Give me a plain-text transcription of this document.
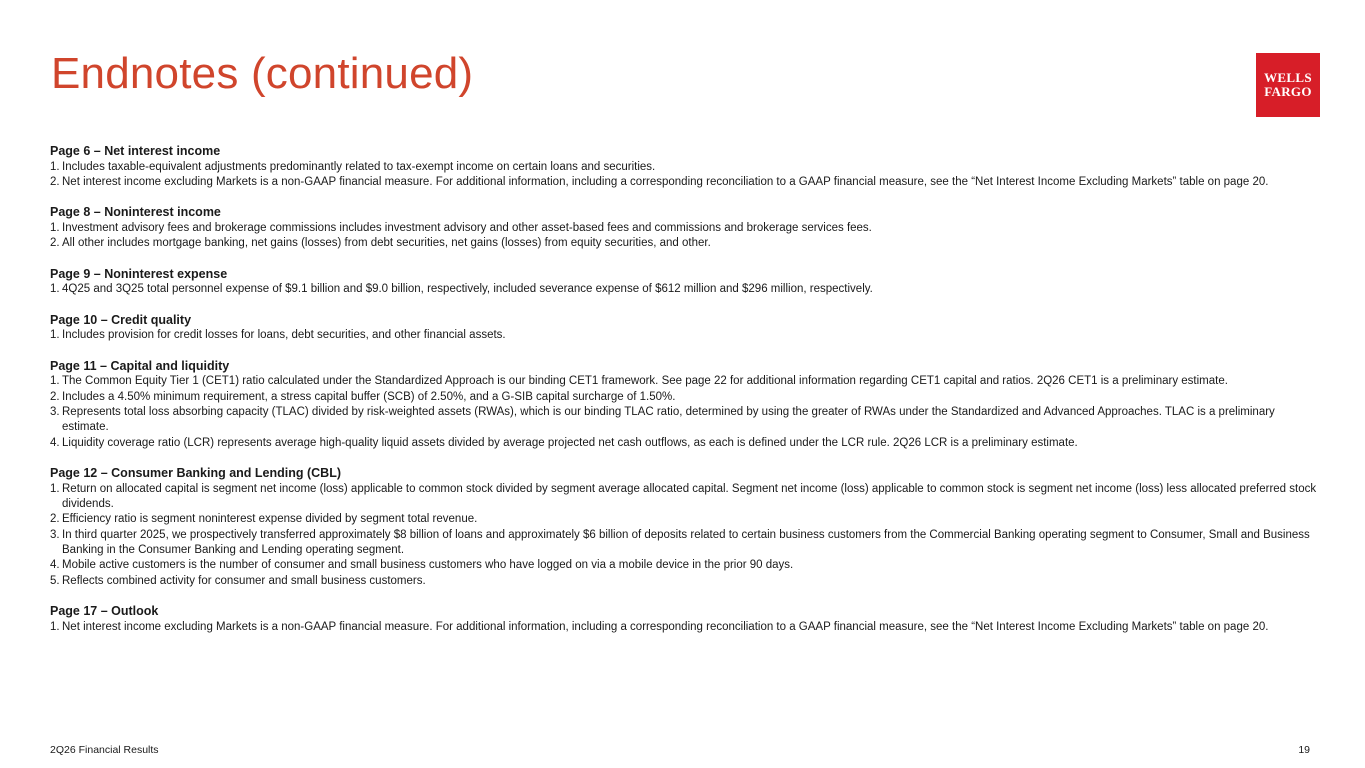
Endnotes (continued)	WELLS
FARGO
Page 6 – Net interest income
1. Includes taxable-equivalent adjustments predominantly related to tax-exempt income on certain loans and securities.
2. Net interest income excluding Markets is a non-GAAP financial measure. For additional information, including a corresponding reconciliation to a GAAP financial measure, see the “Net Interest Income Excluding Markets” table on page 20.
Page 8 – Noninterest income
1. Investment advisory fees and brokerage commissions includes investment advisory and other asset-based fees and commissions and brokerage services fees.
2. All other includes mortgage banking, net gains (losses) from debt securities, net gains (losses) from equity securities, and other.
Page 9 – Noninterest expense
1. 4Q25 and 3Q25 total personnel expense of $9.1 billion and $9.0 billion, respectively, included severance expense of $612 million and $296 million, respectively.
Page 10 – Credit quality
1. Includes provision for credit losses for loans, debt securities, and other financial assets.
Page 11 – Capital and liquidity
1. The Common Equity Tier 1 (CET1) ratio calculated under the Standardized Approach is our binding CET1 framework. See page 22 for additional information regarding CET1 capital and ratios. 2Q26 CET1 is a preliminary estimate.
2. Includes a 4.50% minimum requirement, a stress capital buffer (SCB) of 2.50%, and a G-SIB capital surcharge of 1.50%.
3. Represents total loss absorbing capacity (TLAC) divided by risk-weighted assets (RWAs), which is our binding TLAC ratio, determined by using the greater of RWAs under the Standardized and Advanced Approaches. TLAC is a preliminary estimate.
4. Liquidity coverage ratio (LCR) represents average high-quality liquid assets divided by average projected net cash outflows, as each is defined under the LCR rule. 2Q26 LCR is a preliminary estimate.
Page 12 – Consumer Banking and Lending (CBL)
1. Return on allocated capital is segment net income (loss) applicable to common stock divided by segment average allocated capital. Segment net income (loss) applicable to common stock is segment net income (loss) less allocated preferred stock dividends.
2. Efficiency ratio is segment noninterest expense divided by segment total revenue.
3. In third quarter 2025, we prospectively transferred approximately $8 billion of loans and approximately $6 billion of deposits related to certain business customers from the Commercial Banking operating segment to Consumer, Small and Business Banking in the Consumer Banking and Lending operating segment.
4. Mobile active customers is the number of consumer and small business customers who have logged on via a mobile device in the prior 90 days.
5. Reflects combined activity for consumer and small business customers.
Page 17 – Outlook
1. Net interest income excluding Markets is a non-GAAP financial measure. For additional information, including a corresponding reconciliation to a GAAP financial measure, see the “Net Interest Income Excluding Markets” table on page 20.
2Q26 Financial Results	19
